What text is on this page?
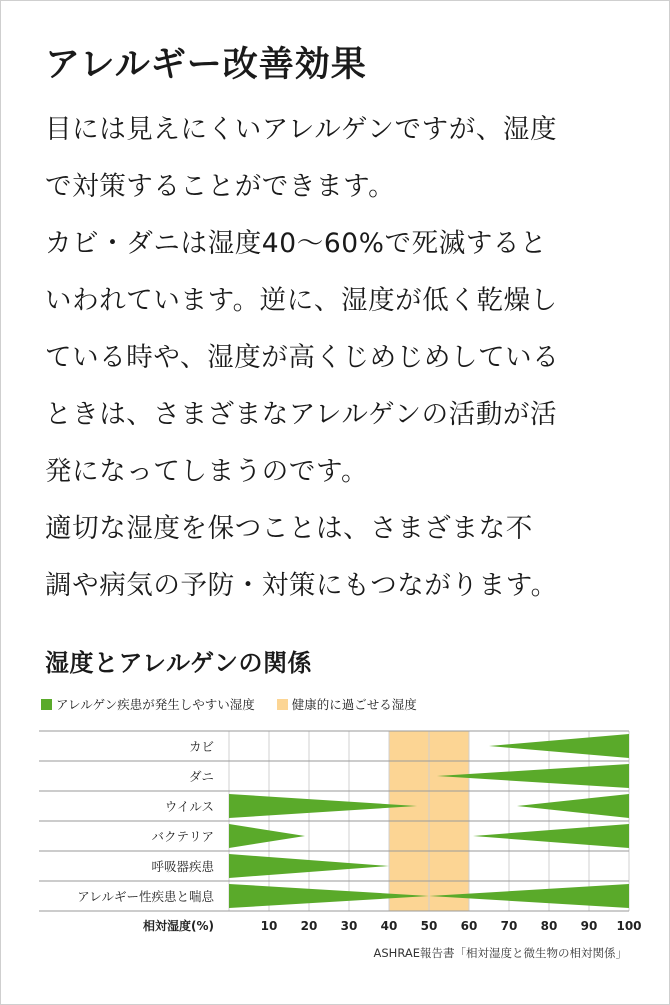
アレルギー改善効果
目には見えにくいアレルゲンですが、湿度
で対策することができます。
カビ・ダニは湿度40〜60%で死滅すると
いわれています。逆に、湿度が低く乾燥し
ている時や、湿度が高くじめじめしている
ときは、さまざまなアレルゲンの活動が活
発になってしまうのです。
適切な湿度を保つことは、さまざまな不
調や病気の予防・対策にもつながります。
湿度とアレルゲンの関係
アレルゲン疾患が発生しやすい湿度	健康的に過ごせる湿度
カビ
ダニ
ウイルス
バクテリア
呼吸器疾患
アレルギー性疾患と喘息
相対湿度(%)	10 20 30 40 50 60 70 80 90 100
ASHRAE報告書「相対湿度と微生物の相対関係」
